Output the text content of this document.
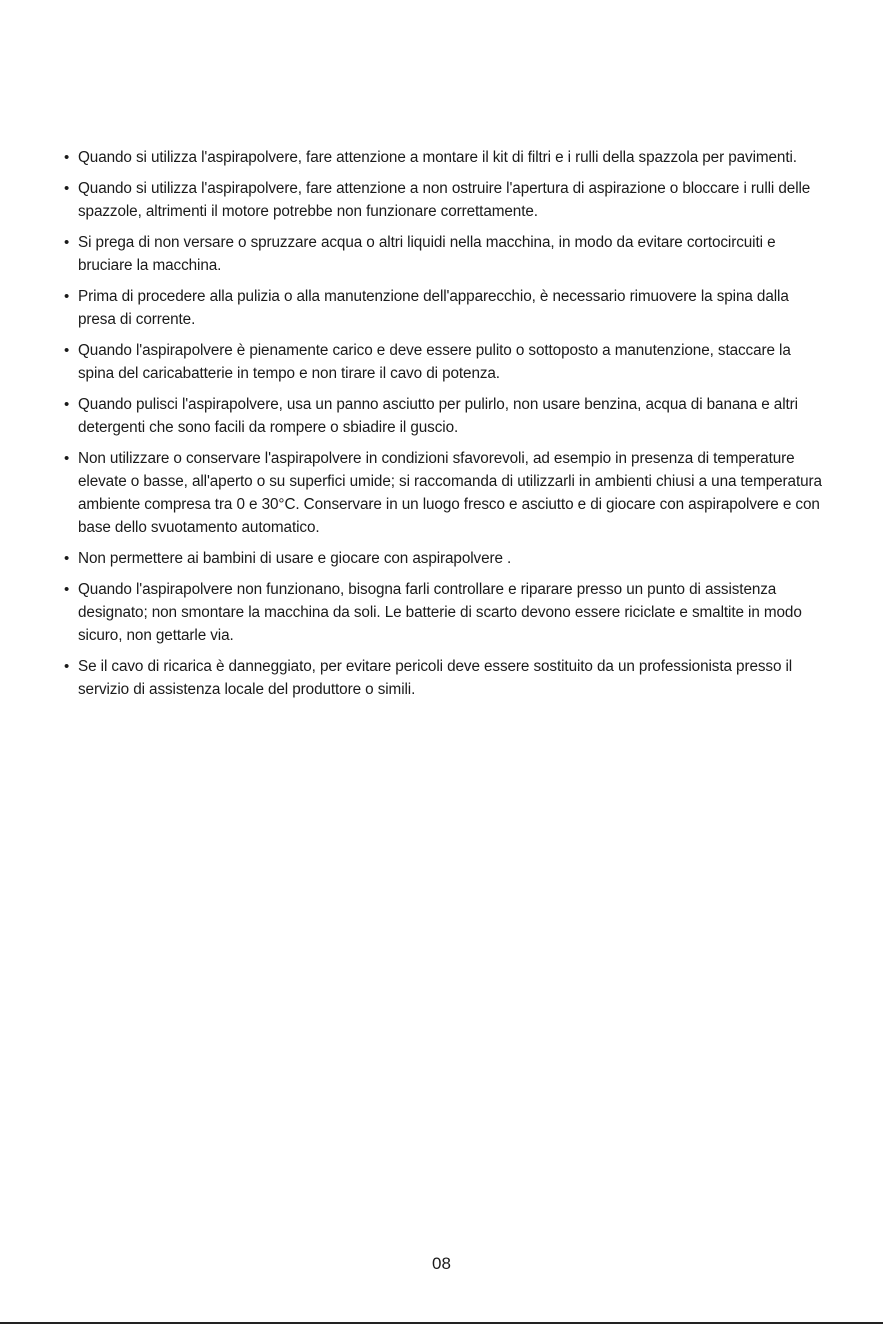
• Quando si utilizza l'aspirapolvere, fare attenzione a montare il kit di filtri e i rulli della spazzola per pavimenti.
• Quando si utilizza l'aspirapolvere, fare attenzione a non ostruire l'apertura di aspirazione o bloccare i rulli delle spazzole, altrimenti il motore potrebbe non funzionare correttamente.
• Si prega di non versare o spruzzare acqua o altri liquidi nella macchina, in modo da evitare cortocircuiti e bruciare la macchina.
• Prima di procedere alla pulizia o alla manutenzione dell'apparecchio, è necessario rimuovere la spina dalla presa di corrente.
• Quando l'aspirapolvere è pienamente carico e deve essere pulito o sottoposto a manutenzione, staccare la spina del caricabatterie in tempo e non tirare il cavo di potenza.
• Quando pulisci l'aspirapolvere, usa un panno asciutto per pulirlo, non usare benzina, acqua di banana e altri detergenti che sono facili da rompere o sbiadire il guscio.
• Non utilizzare o conservare l'aspirapolvere in condizioni sfavorevoli, ad esempio in presenza di temperature elevate o basse, all'aperto o su superfici umide; si raccomanda di utilizzarli in ambienti chiusi a una temperatura ambiente compresa tra 0 e 30°C. Conservare in un luogo fresco e asciutto e di giocare con aspirapolvere e con base dello svuotamento automatico.
• Non permettere ai bambini di usare e giocare con aspirapolvere .
• Quando l'aspirapolvere non funzionano, bisogna farli controllare e riparare presso un punto di assistenza designato; non smontare la macchina da soli. Le batterie di scarto devono essere riciclate e smaltite in modo sicuro, non gettarle via.
• Se il cavo di ricarica è danneggiato, per evitare pericoli deve essere sostituito da un professionista presso il servizio di assistenza locale del produttore o simili.
08
